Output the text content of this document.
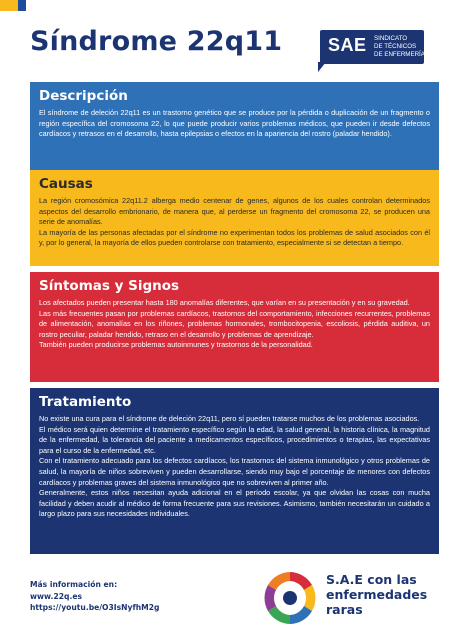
Síndrome 22q11	SAE SINDICATO
DE TÉCNICOS
DE ENFERMERÍA
Descripción

El síndrome de deleción 22q11 es un trastorno genético que se produce por la pérdida o duplicación de un fragmento o región específica del cromosoma 22, lo que puede producir varios problemas médicos, que pueden ir desde defectos cardíacos y retrasos en el desarrollo, hasta epilepsias o efectos en la apariencia del rostro (paladar hendido).

Causas

La región cromosómica 22q11.2 alberga medio centenar de genes, algunos de los cuales controlan determinados aspectos del desarrollo embrionario, de manera que, al perderse un fragmento del cromosoma 22, se producen una serie de anomalías.

La mayoría de las personas afectadas por el síndrome no experimentan todos los problemas de salud asociados con él y, por lo general, la mayoría de ellos pueden controlarse con tratamiento, especialmente si se detectan a tiempo.

Síntomas y Signos

Los afectados pueden presentar hasta 180 anomalías diferentes, que varían en su presentación y en su gravedad.

Las más frecuentes pasan por problemas cardíacos, trastornos del comportamiento, infecciones recurrentes, problemas de alimentación, anomalías en los riñones, problemas hormonales, trombocitopenia, escoliosis, pérdida auditiva, un rostro peculiar, paladar hendido, retraso en el desarrollo y problemas de aprendizaje.

También pueden producirse problemas autoinmunes y trastornos de la personalidad.

Tratamiento

No existe una cura para el síndrome de deleción 22q11, pero sí pueden tratarse muchos de los problemas asociados.

El médico será quien determine el tratamiento específico según la edad, la salud general, la historia clínica, la magnitud de la enfermedad, la tolerancia del paciente a medicamentos específicos, procedimientos o terapias, las expectativas para el curso de la enfermedad, etc.

Con el tratamiento adecuado para los defectos cardíacos, los trastornos del sistema inmunológico y otros problemas de salud, la mayoría de niños sobreviven y pueden desarrollarse, siendo muy bajo el porcentaje de menores con defectos cardíacos y problemas graves del sistema inmunológico que no sobreviven al primer año.

Generalmente, estos niños necesitan ayuda adicional en el período escolar, ya que olvidan las cosas con mucha facilidad y deben acudir al médico de forma frecuente para sus revisiones. Asimismo, también necesitarán un cuidado a largo plazo para sus necesidades individuales.

Más información en:
www.22q.es
https://youtu.be/O3IsNyfhM2g
S.A.E con las
enfermedades
raras
